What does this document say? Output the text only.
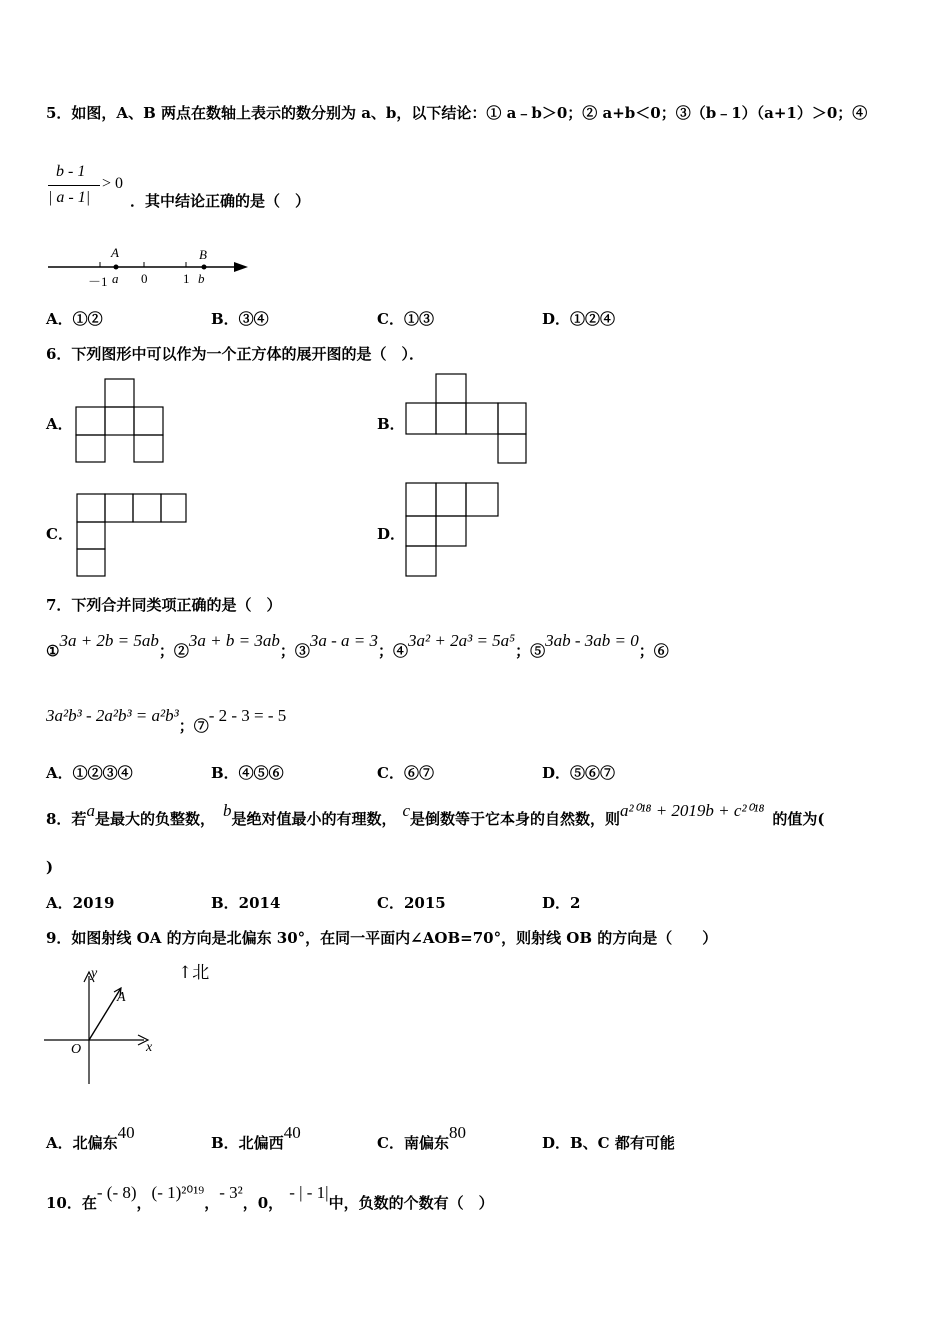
5．如图，A、B 两点在数轴上表示的数分别为 a、b，以下结论：① a﹣b＞0；② a+b＜0；③（b﹣1）（a+1）＞0；④
b - 1
| a - 1|
> 0
．其中结论正确的是（　）
A	B
－1 a 0	1 b
A．①②	B．③④	C．①③	D．①②④
6．下列图形中可以作为一个正方体的展开图的是（　）．
A．	B．
C．	D．
7．下列合并同类项正确的是（　）
①3a + 2b = 5ab；②3a + b = 3ab；③3a - a = 3；④3a² + 2a³ = 5a⁵；⑤3ab - 3ab = 0；⑥
3a²b³ - 2a²b³ = a²b³；⑦- 2 - 3 = - 5
A．①②③④	B．④⑤⑥	C．⑥⑦	D．⑤⑥⑦
8．若a是最大的负整数， b是绝对值最小的有理数， c是倒数等于它本身的自然数，则a²⁰¹⁸ + 2019b + c²⁰¹⁸ 的值为(
)
A．2019	B．2014	C．2015	D．2
9．如图射线 OA 的方向是北偏东 30°，在同一平面内∠AOB=70°，则射线 OB 的方向是（　　）
↑北
y
A
O	x
A．北偏东40
B．北偏西40
C．南偏东80
D．B、C 都有可能
10．在- (- 8)，(- 1)²⁰¹⁹，- 3²，0，- | - 1|中，负数的个数有（　）
